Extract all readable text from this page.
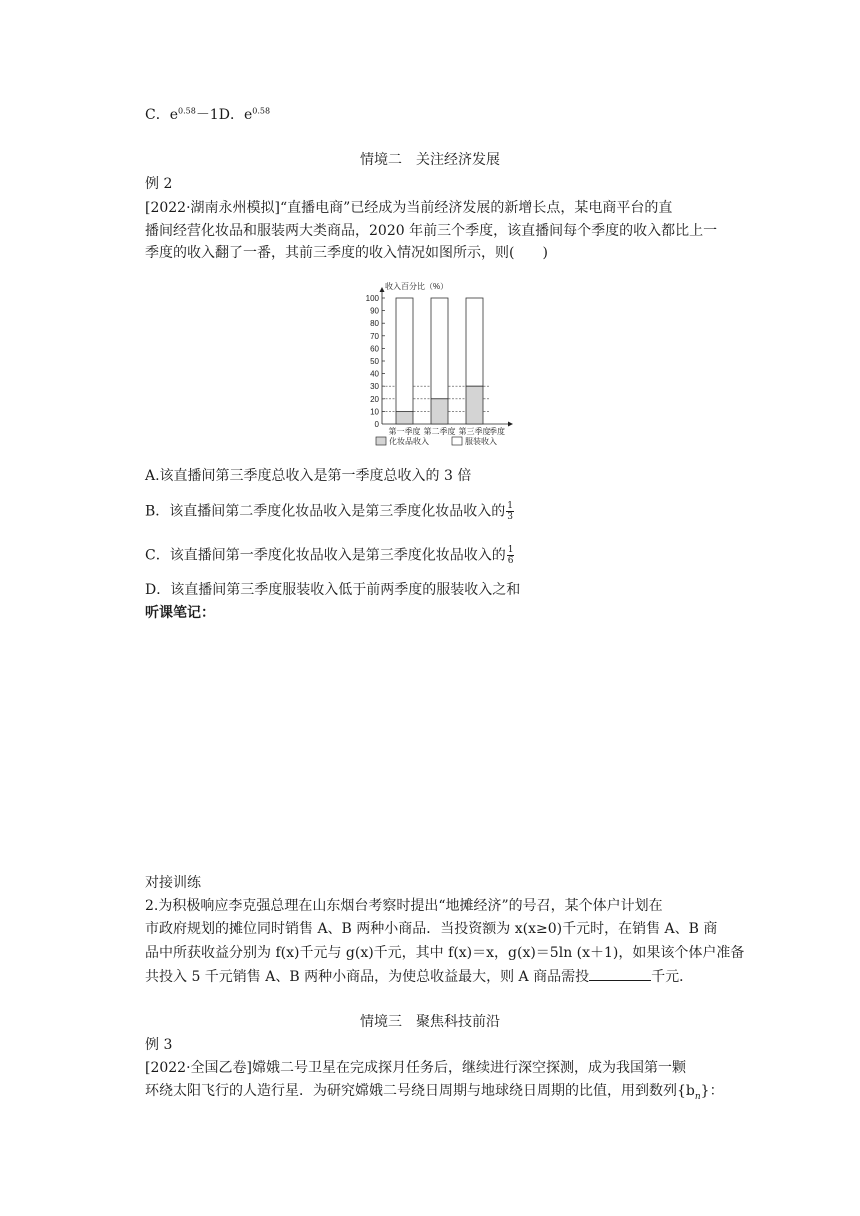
C．$e^{0.58}-1D$．$e^{0.58}$
情境二　关注经济发展
例 2
[2022·湖南永州模拟]“直播电商”已经成为当前经济发展的新增长点，某电商平台的直
播间经营化妆品和服装两大类商品，2020 年前三个季度，该直播间每个季度的收入都比上一
季度的收入翻了一番，其前三季度的收入情况如图所示，则(　　)
收入百分比（%）
0
10
20
30
40
50
60
70
80
90
100
第一季度 第二季度 第三季度
季度
化妆品收入	服装收入
A.该直播间第三季度总收入是第一季度总收入的 3 倍
B．该直播间第二季度化妆品收入是第三季度化妆品收入的 $\frac{1}{3}$
C．该直播间第一季度化妆品收入是第三季度化妆品收入的 $\frac{1}{6}$
D．该直播间第三季度服装收入低于前两季度的服装收入之和
听课笔记：
对接训练
2.为积极响应李克强总理在山东烟台考察时提出“地摊经济”的号召，某个体户计划在
市政府规划的摊位同时销售 A、B 两种小商品．当投资额为 x(x≥0)千元时，在销售 A、B 商
品中所获收益分别为 f(x)千元与 g(x)千元，其中 f(x)＝x，g(x)＝5ln (x＋1)，如果该个体户准备
共投入 5 千元销售 A、B 两种小商品，为使总收益最大，则 A 商品需投	千元．
情境三　聚焦科技前沿
例 3
[2022·全国乙卷]嫦娥二号卫星在完成探月任务后，继续进行深空探测，成为我国第一颗
环绕太阳飞行的人造行星．为研究嫦娥二号绕日周期与地球绕日周期的比值，用到数列$\{b_n\}$：
